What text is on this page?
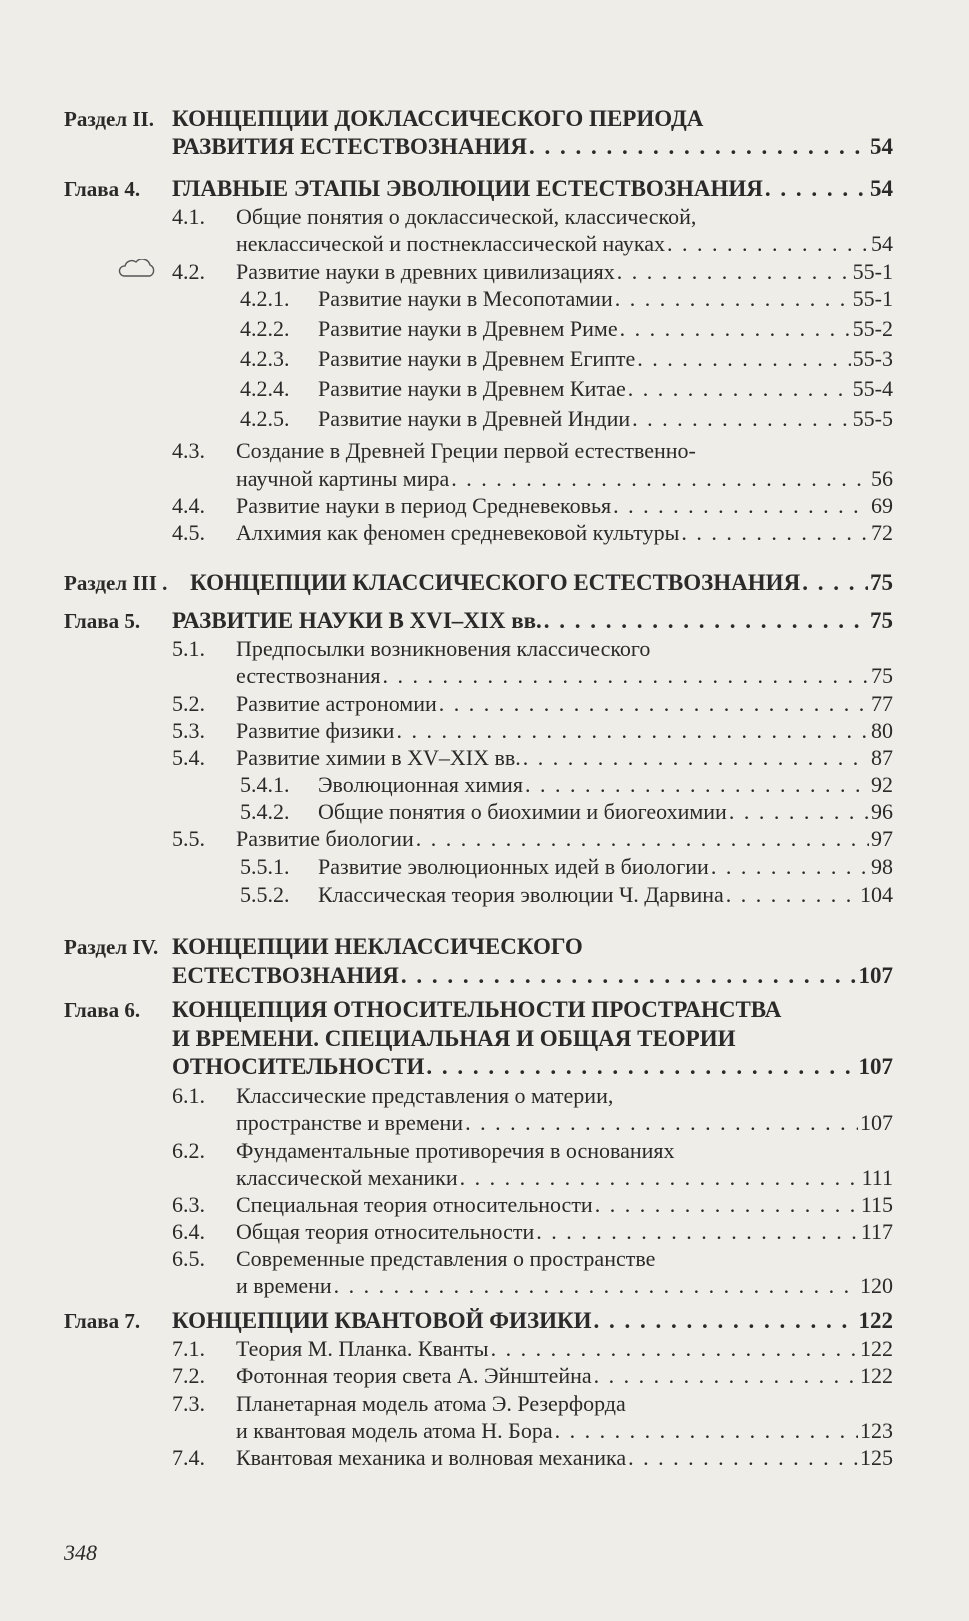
Раздел II. КОНЦЕПЦИИ ДОКЛАССИЧЕСКОГО ПЕРИОДА
РАЗВИТИЯ ЕСТЕСТВОЗНАНИЯ . . .	54
Глава 4. ГЛАВНЫЕ ЭТАПЫ ЭВОЛЮЦИИ ЕСТЕСТВОЗНАНИЯ . . .	54
4.1. Общие понятия о доклассической, классической,
неклассической и постнеклассической науках . . .	54
4.2. Развитие науки в древних цивилизациях . . .	55-1
4.2.1. Развитие науки в Месопотамии . . .	55-1
4.2.2. Развитие науки в Древнем Риме . . .	55-2
4.2.3. Развитие науки в Древнем Египте . . .	55-3
4.2.4. Развитие науки в Древнем Китае . . .	55-4
4.2.5. Развитие науки в Древней Индии . . .	55-5
4.3. Создание в Древней Греции первой естественно-
научной картины мира . . .	56
4.4. Развитие науки в период Средневековья . . .	69
4.5. Алхимия как феномен средневековой культуры . . .	72
Раздел III . КОНЦЕПЦИИ КЛАССИЧЕСКОГО ЕСТЕСТВОЗНАНИЯ . . .	75
Глава 5. РАЗВИТИЕ НАУКИ В XVI–XIX вв. . . .	75
5.1. Предпосылки возникновения классического
естествознания . . .	75
5.2. Развитие астрономии . . .	77
5.3. Развитие физики . . .	80
5.4. Развитие химии в XV–XIX вв. . . .	87
5.4.1. Эволюционная химия . . .	92
5.4.2. Общие понятия о биохимии и биогеохимии . . .	96
5.5. Развитие биологии . . .	97
5.5.1. Развитие эволюционных идей в биологии . . .	98
5.5.2. Классическая теория эволюции Ч. Дарвина . . .	104
Раздел IV. КОНЦЕПЦИИ НЕКЛАССИЧЕСКОГО
ЕСТЕСТВОЗНАНИЯ . . .	107
Глава 6. КОНЦЕПЦИЯ ОТНОСИТЕЛЬНОСТИ ПРОСТРАНСТВА
И ВРЕМЕНИ. СПЕЦИАЛЬНАЯ И ОБЩАЯ ТЕОРИИ
ОТНОСИТЕЛЬНОСТИ . . .	107
6.1. Классические представления о материи,
пространстве и времени . . .	107
6.2. Фундаментальные противоречия в основаниях
классической механики . . .	111
6.3. Специальная теория относительности . . .	115
6.4. Общая теория относительности . . .	117
6.5. Современные представления о пространстве
и времени . . .	120
Глава 7. КОНЦЕПЦИИ КВАНТОВОЙ ФИЗИКИ . . .	122
7.1. Теория М. Планка. Кванты . . .	122
7.2. Фотонная теория света А. Эйнштейна . . .	122
7.3. Планетарная модель атома Э. Резерфорда
и квантовая модель атома Н. Бора . . .	123
7.4. Квантовая механика и волновая механика . . .	125
348
